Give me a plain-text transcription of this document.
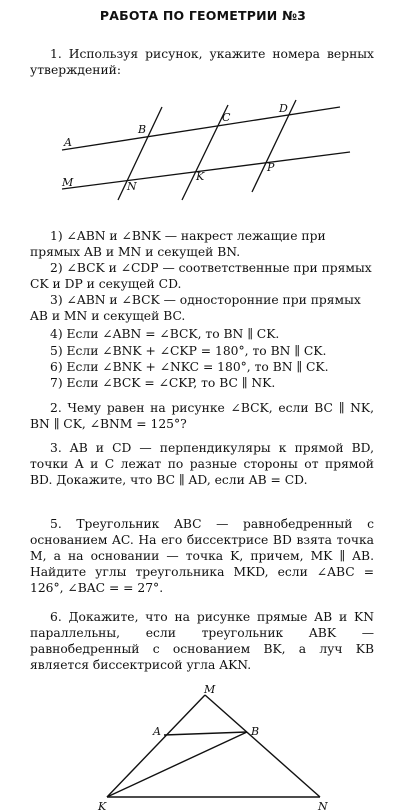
РАБОТА ПО ГЕОМЕТРИИ №3
1. Используя рисунок, укажите номера верных утверждений:
A
B
C
D
M	N
K
P
1) ∠ABN и ∠BNK — накрест лежащие при прямых AB и MN и секущей BN.
2) ∠BCK и ∠CDP — соответственные при прямых CK и DP и секущей CD.
3) ∠ABN и ∠BCK — односторонние при прямых AB и MN и секущей BC.
4) Если ∠ABN = ∠BCK, то BN ∥ CK.
5) Если ∠BNK + ∠CKP = 180°, то BN ∥ CK.
6) Если ∠BNK + ∠NKC = 180°, то BN ∥ CK.
7) Если ∠BCK = ∠CKP, то BC ∥ NK.
2. Чему равен на рисунке ∠BCK, если BC ∥ NK, BN ∥ CK, ∠BNM = 125°?
3. AB и CD — перпендикуляры к прямой BD, точки A и C лежат по разные стороны от прямой BD. Докажите, что BC ∥ AD, если AB = CD.
5. Треугольник ABC — равнобедренный с основанием AC. На его биссектрисе BD взята точка M, а на основании — точка K, причем, MK ∥ AB. Найдите углы треугольника MKD, если ∠ABC = 126°, ∠BAC = = 27°.
6. Докажите, что на рисунке прямые AB и KN параллельны, если треугольник ABK — равнобедренный с основанием BK, а луч KB является биссектрисой угла AKN.
M
A	B
K	N
